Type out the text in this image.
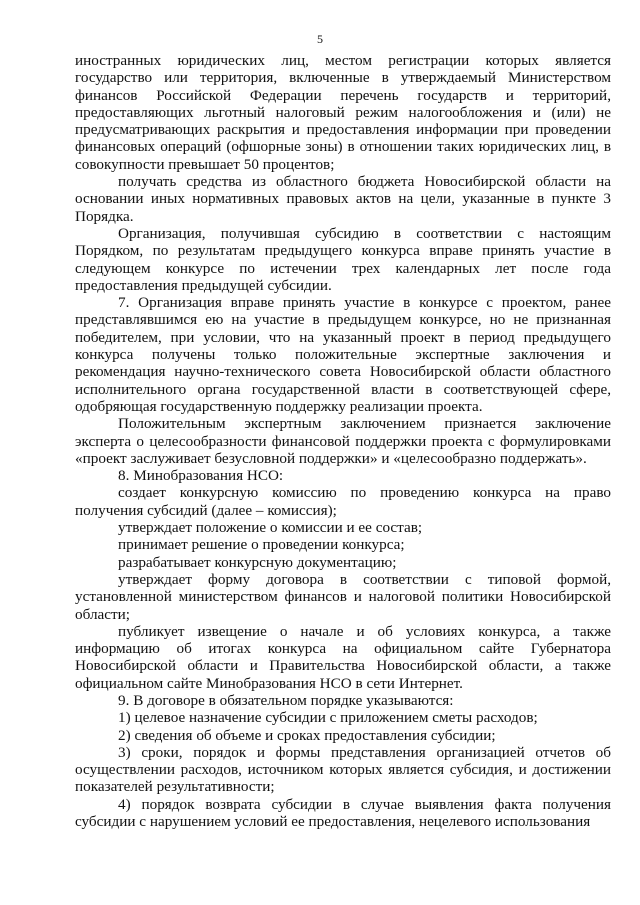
5

иностранных юридических лиц, местом регистрации которых является государство или территория, включенные в утверждаемый Министерством финансов Российской Федерации перечень государств и территорий, предоставляющих льготный налоговый режим налогообложения и (или) не предусматривающих раскрытия и предоставления информации при проведении финансовых операций (офшорные зоны) в отношении таких юридических лиц, в совокупности превышает 50 процентов;

получать средства из областного бюджета Новосибирской области на основании иных нормативных правовых актов на цели, указанные в пункте 3 Порядка.

Организация, получившая субсидию в соответствии с настоящим Порядком, по результатам предыдущего конкурса вправе принять участие в следующем конкурсе по истечении трех календарных лет после года предоставления предыдущей субсидии.

7. Организация вправе принять участие в конкурсе с проектом, ранее представлявшимся ею на участие в предыдущем конкурсе, но не признанная победителем, при условии, что на указанный проект в период предыдущего конкурса получены только положительные экспертные заключения и рекомендация научно-технического совета Новосибирской области областного исполнительного органа государственной власти в соответствующей сфере, одобряющая государственную поддержку реализации проекта.

Положительным экспертным заключением признается заключение эксперта о целесообразности финансовой поддержки проекта с формулировками «проект заслуживает безусловной поддержки» и «целесообразно поддержать».

8. Минобразования НСО:

создает конкурсную комиссию по проведению конкурса на право получения субсидий (далее – комиссия);

утверждает положение о комиссии и ее состав;

принимает решение о проведении конкурса;

разрабатывает конкурсную документацию;

утверждает форму договора в соответствии с типовой формой, установленной министерством финансов и налоговой политики Новосибирской области;

публикует извещение о начале и об условиях конкурса, а также информацию об итогах конкурса на официальном сайте Губернатора Новосибирской области и Правительства Новосибирской области, а также официальном сайте Минобразования НСО в сети Интернет.

9. В договоре в обязательном порядке указываются:

1) целевое назначение субсидии с приложением сметы расходов;

2) сведения об объеме и сроках предоставления субсидии;

3) сроки, порядок и формы представления организацией отчетов об осуществлении расходов, источником которых является субсидия, и достижении показателей результативности;

4) порядок возврата субсидии в случае выявления факта получения субсидии с нарушением условий ее предоставления, нецелевого использования
